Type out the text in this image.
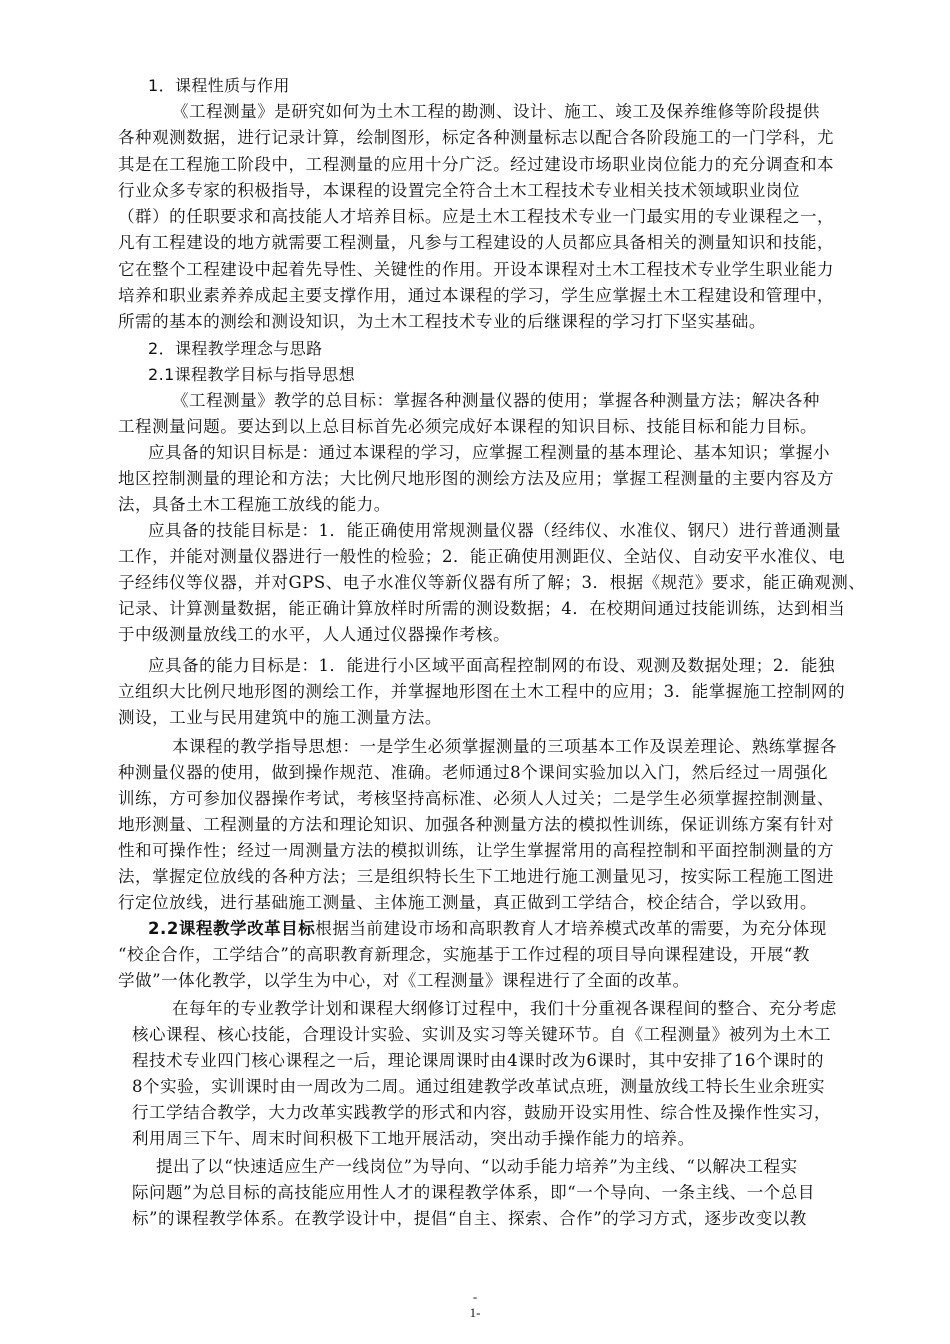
1．课程性质与作用
《工程测量》是研究如何为土木工程的勘测、设计、施工、竣工及保养维修等阶段提供
各种观测数据，进行记录计算，绘制图形，标定各种测量标志以配合各阶段施工的一门学科，尤
其是在工程施工阶段中，工程测量的应用十分广泛。经过建设市场职业岗位能力的充分调查和本
行业众多专家的积极指导，本课程的设置完全符合土木工程技术专业相关技术领域职业岗位
（群）的任职要求和高技能人才培养目标。应是土木工程技术专业一门最实用的专业课程之一，
凡有工程建设的地方就需要工程测量，凡参与工程建设的人员都应具备相关的测量知识和技能，
它在整个工程建设中起着先导性、关键性的作用。开设本课程对土木工程技术专业学生职业能力
培养和职业素养养成起主要支撑作用，通过本课程的学习，学生应掌握土木工程建设和管理中，
所需的基本的测绘和测设知识，为土木工程技术专业的后继课程的学习打下坚实基础。
2．课程教学理念与思路
2.1课程教学目标与指导思想
《工程测量》教学的总目标：掌握各种测量仪器的使用；掌握各种测量方法；解决各种
工程测量问题。要达到以上总目标首先必须完成好本课程的知识目标、技能目标和能力目标。
应具备的知识目标是：通过本课程的学习，应掌握工程测量的基本理论、基本知识；掌握小
地区控制测量的理论和方法；大比例尺地形图的测绘方法及应用；掌握工程测量的主要内容及方
法，具备土木工程施工放线的能力。
应具备的技能目标是：1．能正确使用常规测量仪器（经纬仪、水准仪、钢尺）进行普通测量
工作，并能对测量仪器进行一般性的检验；2．能正确使用测距仪、全站仪、自动安平水准仪、电
子经纬仪等仪器，并对GPS、电子水准仪等新仪器有所了解；3．根据《规范》要求，能正确观测、
记录、计算测量数据，能正确计算放样时所需的测设数据；4．在校期间通过技能训练，达到相当
于中级测量放线工的水平，人人通过仪器操作考核。
应具备的能力目标是：1．能进行小区域平面高程控制网的布设、观测及数据处理；2．能独
立组织大比例尺地形图的测绘工作，并掌握地形图在土木工程中的应用；3．能掌握施工控制网的
测设，工业与民用建筑中的施工测量方法。
本课程的教学指导思想：一是学生必须掌握测量的三项基本工作及误差理论、熟练掌握各
种测量仪器的使用，做到操作规范、准确。老师通过8个课间实验加以入门，然后经过一周强化
训练，方可参加仪器操作考试，考核坚持高标准、必须人人过关；二是学生必须掌握控制测量、
地形测量、工程测量的方法和理论知识、加强各种测量方法的模拟性训练，保证训练方案有针对
性和可操作性；经过一周测量方法的模拟训练，让学生掌握常用的高程控制和平面控制测量的方
法，掌握定位放线的各种方法；三是组织特长生下工地进行施工测量见习，按实际工程施工图进
行定位放线，进行基础施工测量、主体施工测量，真正做到工学结合，校企结合，学以致用。
2.2课程教学改革目标根据当前建设市场和高职教育人才培养模式改革的需要，为充分体现
“校企合作，工学结合”的高职教育新理念，实施基于工作过程的项目导向课程建设，开展“教
学做”一体化教学，以学生为中心，对《工程测量》课程进行了全面的改革。
在每年的专业教学计划和课程大纲修订过程中，我们十分重视各课程间的整合、充分考虑
核心课程、核心技能，合理设计实验、实训及实习等关键环节。自《工程测量》被列为土木工
程技术专业四门核心课程之一后，理论课周课时由4课时改为6课时，其中安排了16个课时的
8个实验，实训课时由一周改为二周。通过组建教学改革试点班，测量放线工特长生业余班实
行工学结合教学，大力改革实践教学的形式和内容，鼓励开设实用性、综合性及操作性实习，
利用周三下午、周末时间积极下工地开展活动，突出动手操作能力的培养。
提出了以“快速适应生产一线岗位”为导向、“以动手能力培养”为主线、“以解决工程实
际问题”为总目标的高技能应用性人才的课程教学体系，即“一个导向、一条主线、一个总目
标”的课程教学体系。在教学设计中，提倡“自主、探索、合作”的学习方式，逐步改变以教
-
1-
